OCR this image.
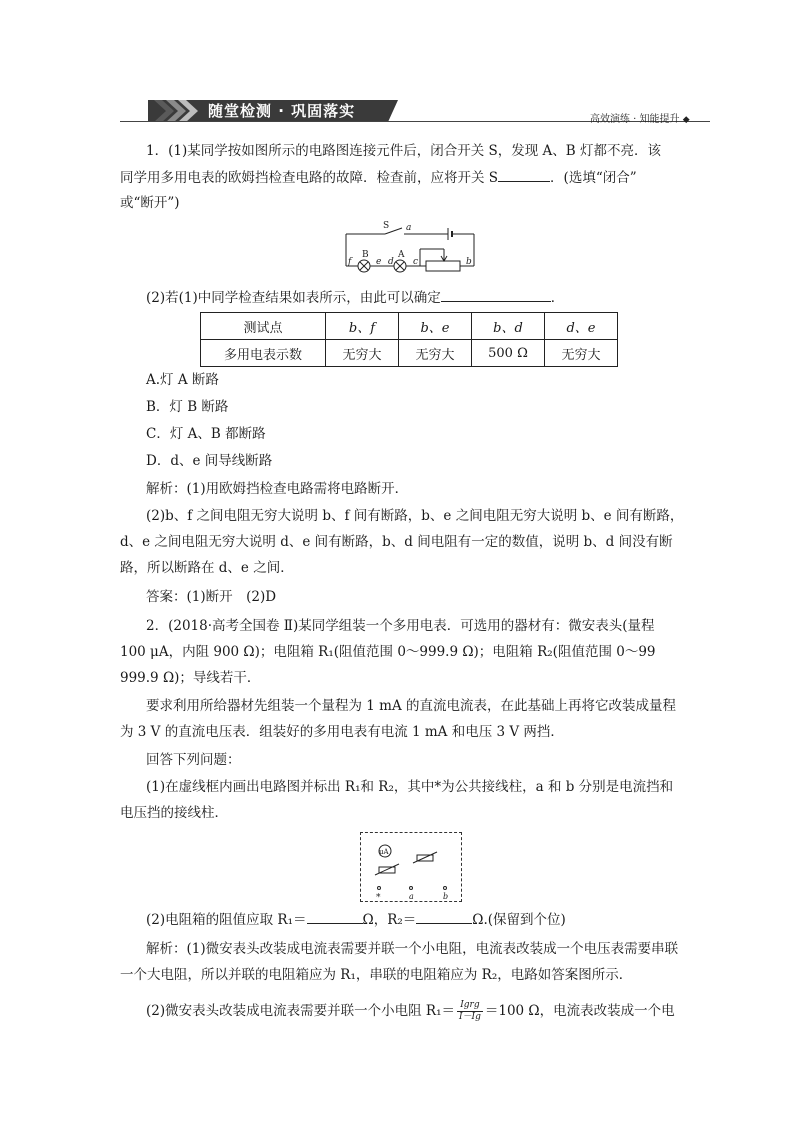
随堂检测 · 巩固落实	高效演练 · 知能提升 ◆
1．(1)某同学按如图所示的电路图连接元件后，闭合开关 S，发现 A、B 灯都不亮．该
同学用多用电表的欧姆挡检查电路的故障．检查前，应将开关 S	．(选填“闭合”
或“断开”)
S a
b
c
d
e
f
A
B
(2)若(1)中同学检查结果如表所示，由此可以确定	．
测试点	b、f	b、e	b、d	d、e
多用电表示数	无穷大	无穷大	500 Ω	无穷大
A.灯 A 断路
B．灯 B 断路
C．灯 A、B 都断路
D．d、e 间导线断路
解析：(1)用欧姆挡检查电路需将电路断开．
(2)b、f 之间电阻无穷大说明 b、f 间有断路，b、e 之间电阻无穷大说明 b、e 间有断路，d、e 之间电阻无穷大说明 d、e 间有断路，b、d 间电阻有一定的数值，说明 b、d 间没有断路，所以断路在 d、e 之间．
答案：(1)断开　(2)D
2．(2018·高考全国卷 Ⅱ)某同学组装一个多用电表．可选用的器材有：微安表头(量程 100 μA，内阻 900 Ω)；电阻箱 R₁(阻值范围 0～999.9 Ω)；电阻箱 R₂(阻值范围 0～99 999.9 Ω)；导线若干．
要求利用所给器材先组装一个量程为 1 mA 的直流电流表，在此基础上再将它改装成量程为 3 V 的直流电压表．组装好的多用电表有电流 1 mA 和电压 3 V 两挡．
回答下列问题：
(1)在虚线框内画出电路图并标出 R₁和 R₂，其中*为公共接线柱，a 和 b 分别是电流挡和电压挡的接线柱．
μA
*	a	b
(2)电阻箱的阻值应取 R₁＝	Ω，R₂＝	Ω.(保留到个位)
解析：(1)微安表头改装成电流表需要并联一个小电阻，电流表改装成一个电压表需要串联一个大电阻，所以并联的电阻箱应为 R₁，串联的电阻箱应为 R₂，电路如答案图所示．
(2)微安表头改装成电流表需要并联一个小电阻 R₁＝ Igrg
I－Ig ＝100 Ω，电流表改装成一个电
